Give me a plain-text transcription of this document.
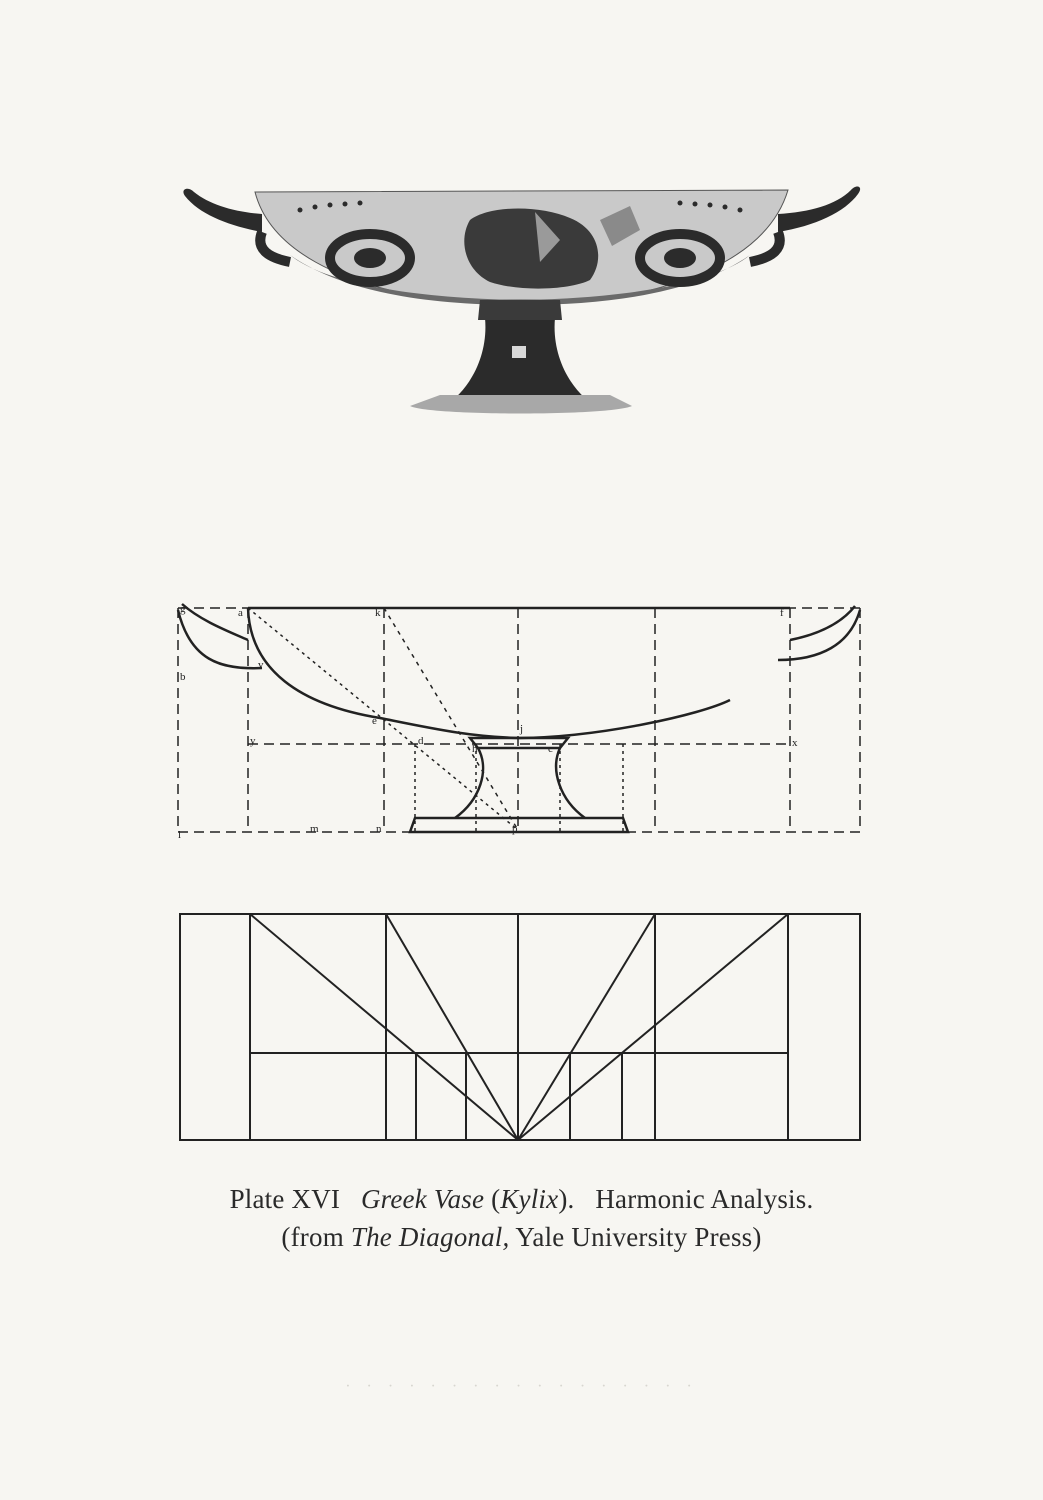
g	a	k	f
b
v
e
j
y	x
d
h	c
l	m	n	p
Plate XVI Greek Vase (Kylix). Harmonic Analysis.
(from The Diagonal, Yale University Press)
· · · · · · · · · · · · · · · · ·
